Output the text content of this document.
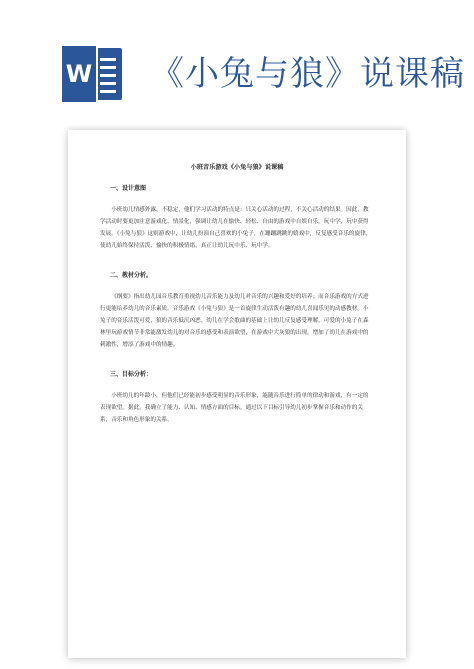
W 《小兔与狼》说课稿
小班音乐游戏《小兔与狼》说课稿
一、设计意图
小班幼儿情感外露，不稳定，他们学习活动的特点是：只关心活动的过程，不关心活动的结果。因此，教学活动时要更加注意游戏化、情景化，强调让幼儿在愉快、轻松、自由的游戏中自娱自乐，玩中学，玩中获得发展。《小兔与狼》这则游戏中，让幼儿扮演自己喜欢的小兔子，在蹦蹦跳跳的嬉戏中，反复感受音乐的旋律，使幼儿始终保持活泼、愉快的积极情绪，真正让幼儿玩中乐、玩中学。
二、教材分析。
《纲要》指出幼儿园音乐教育重视幼儿音乐能力及幼儿对音乐的兴趣和爱好的培养；而音乐游戏的方式进行更能培养幼儿的音乐素质。音乐游戏《小兔与狼》是一首旋律生动活泼有趣的幼儿喜闻乐见的动感教材。小兔子的音乐活泼可爱，狼的音乐低沉凶恶。幼儿在学会歌曲的基础上让幼儿反复感受理解，可爱的小兔子在森林里玩游戏情节非常能激发幼儿的对音乐的感受和表演欲望，在游戏中大灰狼的出现，增加了幼儿在游戏中的刺激性，增添了游戏中的情趣。
三、目标分析：
小班幼儿的年龄小，但他们已经能初步感受明显的音乐形象，能随音乐进行简单的律动和游戏，有一定的表现欲望。据此，我确立了能力、认知、情感方面的目标。通过以下目标引导幼儿初步掌握音乐和动作的关系，音乐和角色形象的关系。
